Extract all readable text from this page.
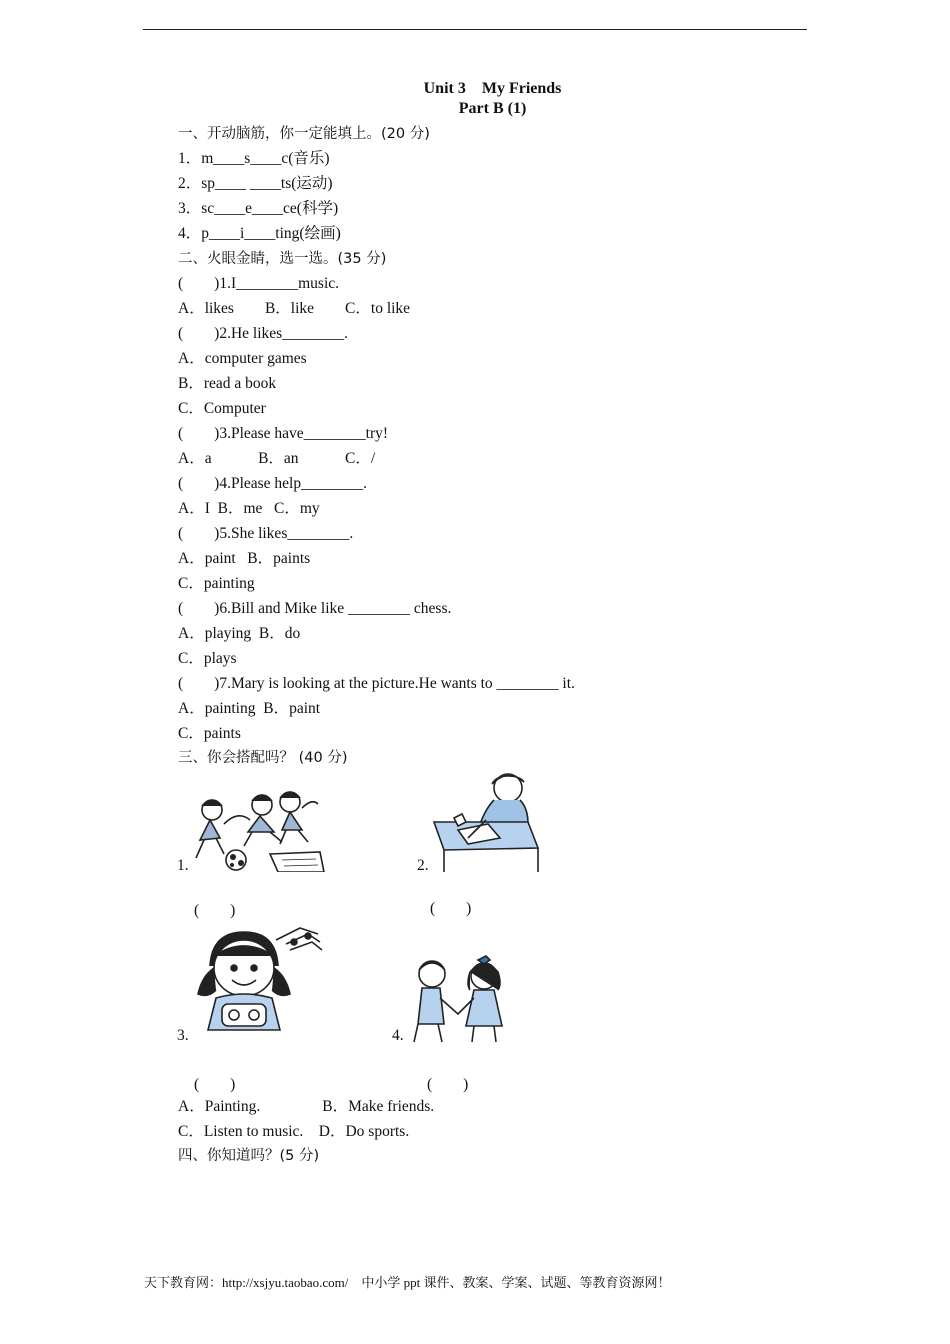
Unit 3　My Friends
Part B (1)
一、开动脑筋，你一定能填上。(20 分)
1．m____s____c(音乐)
2．sp____ ____ts(运动)
3．sc____e____ce(科学)
4．p____i____ting(绘画)
二、火眼金睛，选一选。(35 分)
(　　)1.I________music.
A．likes　　B．like　　C．to like
(　　)2.He likes________.
A．computer games
B．read a book
C．Computer
(　　)3.Please have________try!
A．a　　　B．an　　　C．/
(　　)4.Please help________.
A．I  B．me   C．my
(　　)5.She likes________.
A．paint   B．paints
C．painting
(　　)6.Bill and Mike like ________ chess.
A．playing  B．do
C．plays
(　　)7.Mary is looking at the picture.He wants to ________ it.
A．painting  B．paint
C．paints
三、你会搭配吗？ (40 分)
1.	2.
(　　)	(　　)
3.	4.
(　　)	(　　)
A．Painting.　　　　B．Make friends.
C．Listen to music.　D．Do sports.
四、你知道吗？(5 分)
天下教育网：http://xsjyu.taobao.com/　中小学 ppt 课件、教案、学案、试题、等教育资源网！
